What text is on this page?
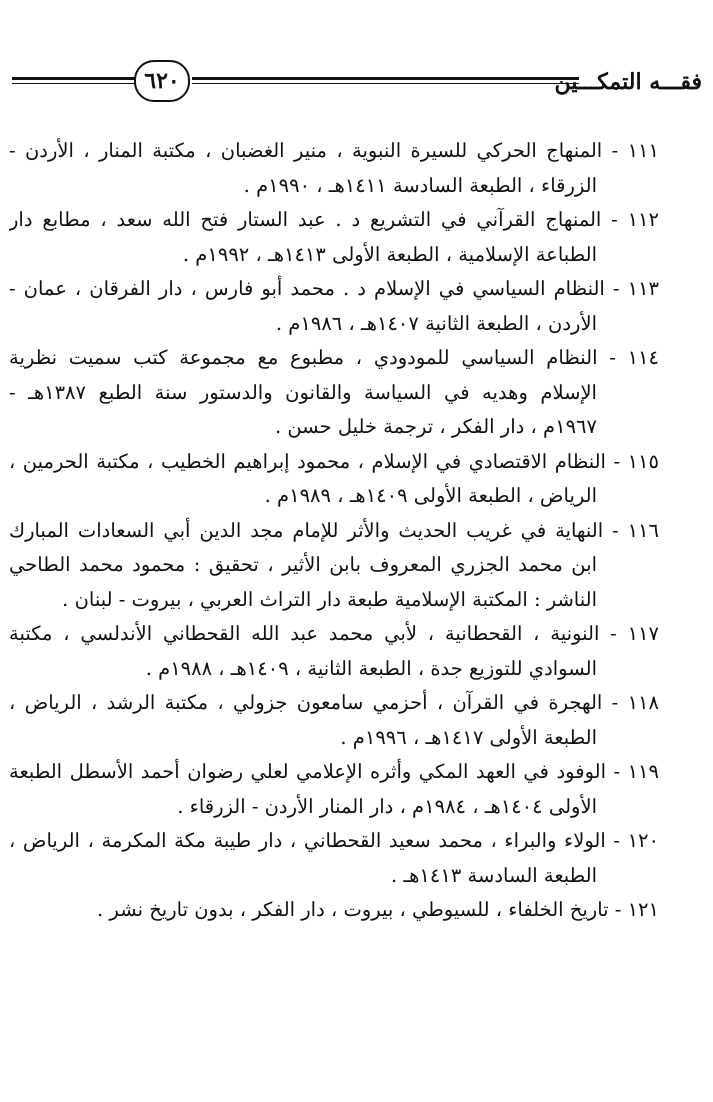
فقـــه التمكـــين
٦٢٠
١١١ - المنهاج الحركي للسيرة النبوية ، منير الغضبان ، مكتبة المنار ، الأردن -
الزرقاء ، الطبعة السادسة ١٤١١هـ ، ١٩٩٠م .
١١٢ - المنهاج القرآني في التشريع د . عبد الستار فتح الله سعد ، مطابع دار
الطباعة الإسلامية ، الطبعة الأولى ١٤١٣هـ ، ١٩٩٢م .
١١٣ - النظام السياسي في الإسلام د . محمد أبو فارس ، دار الفرقان ، عمان -
الأردن ، الطبعة الثانية ١٤٠٧هـ ، ١٩٨٦م .
١١٤ - النظام السياسي للمودودي ، مطبوع مع مجموعة كتب سميت نظرية
الإسلام وهديه في السياسة والقانون والدستور سنة الطبع ١٣٨٧هـ -
١٩٦٧م ، دار الفكر ، ترجمة خليل حسن .
١١٥ - النظام الاقتصادي في الإسلام ، محمود إبراهيم الخطيب ، مكتبة الحرمين ،
الرياض ، الطبعة الأولى ١٤٠٩هـ ، ١٩٨٩م .
١١٦ - النهاية في غريب الحديث والأثر للإمام مجد الدين أبي السعادات المبارك
ابن محمد الجزري المعروف بابن الأثير ، تحقيق : محمود محمد الطاحي
الناشر : المكتبة الإسلامية طبعة دار التراث العربي ، بيروت - لبنان .
١١٧ - النونية ، القحطانية ، لأبي محمد عبد الله القحطاني الأندلسي ، مكتبة
السوادي للتوزيع جدة ، الطبعة الثانية ، ١٤٠٩هـ ، ١٩٨٨م .
١١٨ - الهجرة في القرآن ، أحزمي سامعون جزولي ، مكتبة الرشد ، الرياض ،
الطبعة الأولى ١٤١٧هـ ، ١٩٩٦م .
١١٩ - الوفود في العهد المكي وأثره الإعلامي لعلي رضوان أحمد الأسطل الطبعة
الأولى ١٤٠٤هـ ، ١٩٨٤م ، دار المنار الأردن - الزرقاء .
١٢٠ - الولاء والبراء ، محمد سعيد القحطاني ، دار طيبة مكة المكرمة ، الرياض ،
الطبعة السادسة ١٤١٣هـ .
١٢١ - تاريخ الخلفاء ، للسيوطي ، بيروت ، دار الفكر ، بدون تاريخ نشر .
